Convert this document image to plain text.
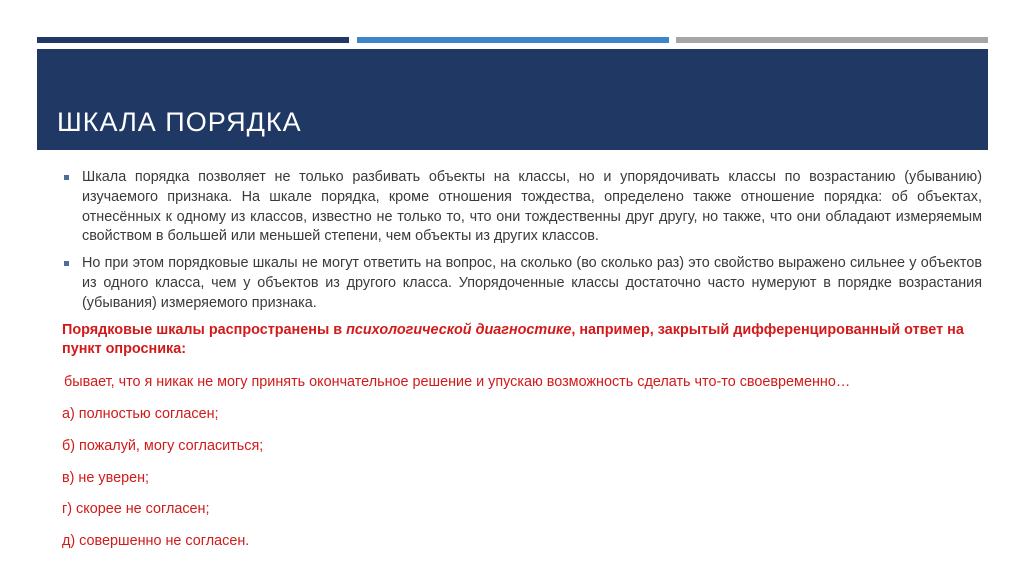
ШКАЛА ПОРЯДКА
Шкала порядка позволяет не только разбивать объекты на классы, но и упорядочивать классы по возрастанию (убыванию) изучаемого признака. На шкале порядка, кроме отношения тождества, определено также отношение порядка: об объектах, отнесённых к одному из классов, известно не только то, что они тождественны друг другу, но также, что они обладают измеряемым свойством в большей или меньшей степени, чем объекты из других классов.
Но при этом порядковые шкалы не могут ответить на вопрос, на сколько (во сколько раз) это свойство выражено сильнее у объектов из одного класса, чем у объектов из другого класса. Упорядоченные классы достаточно часто нумеруют в порядке возрастания (убывания) измеряемого признака.
Порядковые шкалы распространены в психологической диагностике, например, закрытый дифференцированный ответ на пункт опросника:
бывает, что я никак не могу принять окончательное решение и упускаю возможность сделать что-то своевременно…
а) полностью согласен;
б) пожалуй, могу согласиться;
в) не уверен;
г) скорее не согласен;
д) совершенно не согласен.
